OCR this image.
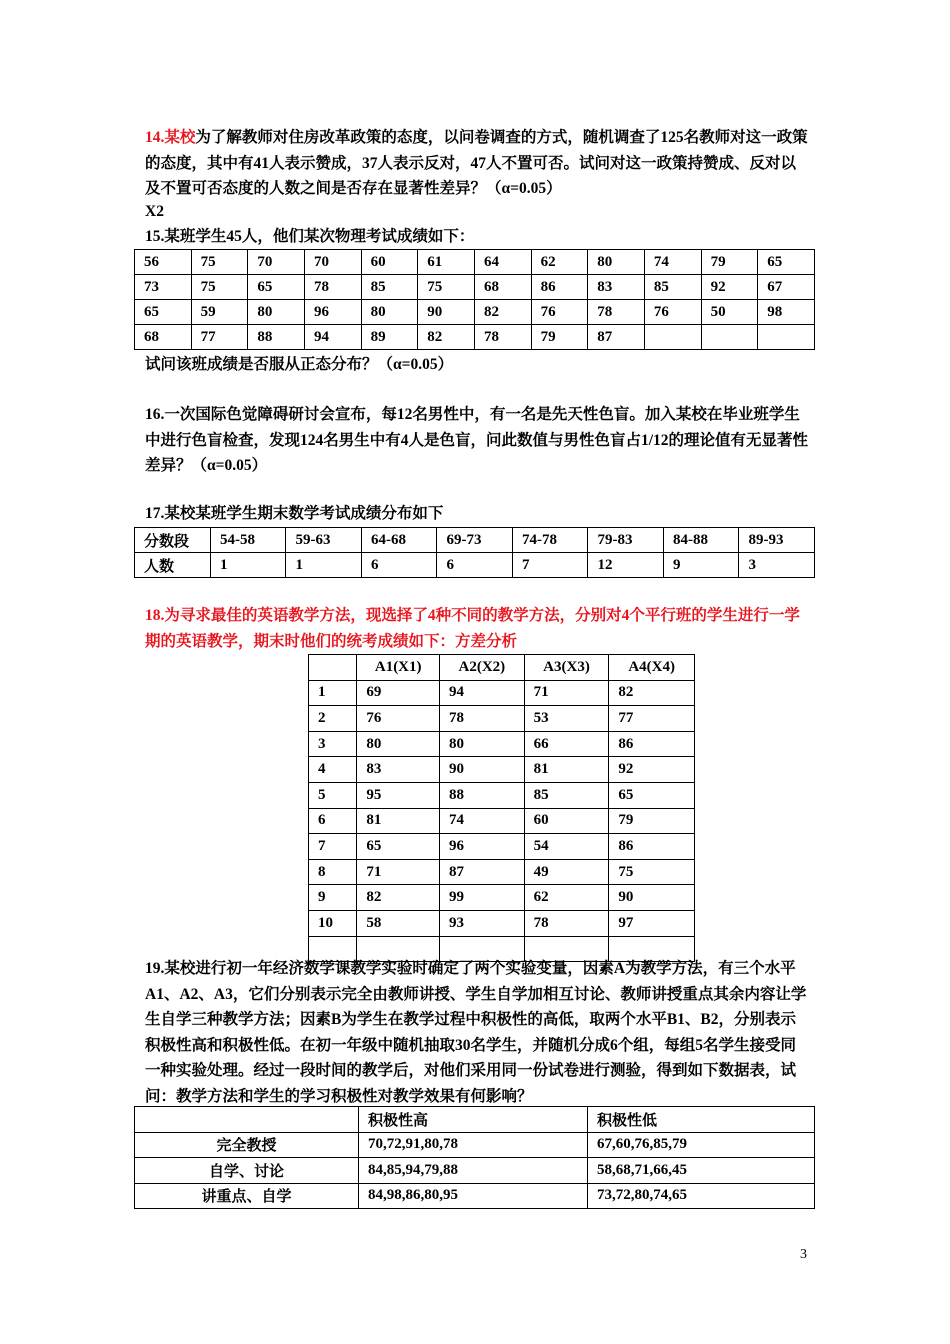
14.某校为了解教师对住房改革政策的态度，以问卷调查的方式，随机调查了125名教师对这一政策的态度，其中有41人表示赞成，37人表示反对，47人不置可否。试问对这一政策持赞成、反对以及不置可否态度的人数之间是否存在显著性差异？（α=0.05）
X2
15.某班学生45人，他们某次物理考试成绩如下：
56	75	70	70	60	61	64	62	80	74	79	65
73	75	65	78	85	75	68	86	83	85	92	67
65	59	80	96	80	90	82	76	78	76	50	98
68	77	88	94	89	82	78	79	87			
试问该班成绩是否服从正态分布？（α=0.05）
16.一次国际色觉障碍研讨会宣布，每12名男性中，有一名是先天性色盲。加入某校在毕业班学生中进行色盲检查，发现124名男生中有4人是色盲，问此数值与男性色盲占1/12的理论值有无显著性差异？（α=0.05）
17.某校某班学生期末数学考试成绩分布如下
分数段	54-58	59-63	64-68	69-73	74-78	79-83	84-88	89-93
人数	1	1	6	6	7	12	9	3
18.为寻求最佳的英语教学方法，现选择了4种不同的教学方法，分别对4个平行班的学生进行一学期的英语教学，期末时他们的统考成绩如下：方差分析
	A1(X1)	A2(X2)	A3(X3)	A4(X4)
1	69	94	71	82
2	76	78	53	77
3	80	80	66	86
4	83	90	81	92
5	95	88	85	65
6	81	74	60	79
7	65	96	54	86
8	71	87	49	75
9	82	99	62	90
10	58	93	78	97

19.某校进行初一年经济数学课教学实验时确定了两个实验变量，因素A为教学方法，有三个水平A1、A2、A3，它们分别表示完全由教师讲授、学生自学加相互讨论、教师讲授重点其余内容让学生自学三种教学方法；因素B为学生在教学过程中积极性的高低，取两个水平B1、B2，分别表示积极性高和积极性低。在初一年级中随机抽取30名学生，并随机分成6个组，每组5名学生接受同一种实验处理。经过一段时间的教学后，对他们采用同一份试卷进行测验，得到如下数据表，试问：教学方法和学生的学习积极性对教学效果有何影响？
	积极性高	积极性低
完全教授	70,72,91,80,78	67,60,76,85,79
自学、讨论	84,85,94,79,88	58,68,71,66,45
讲重点、自学	84,98,86,80,95	73,72,80,74,65
3
